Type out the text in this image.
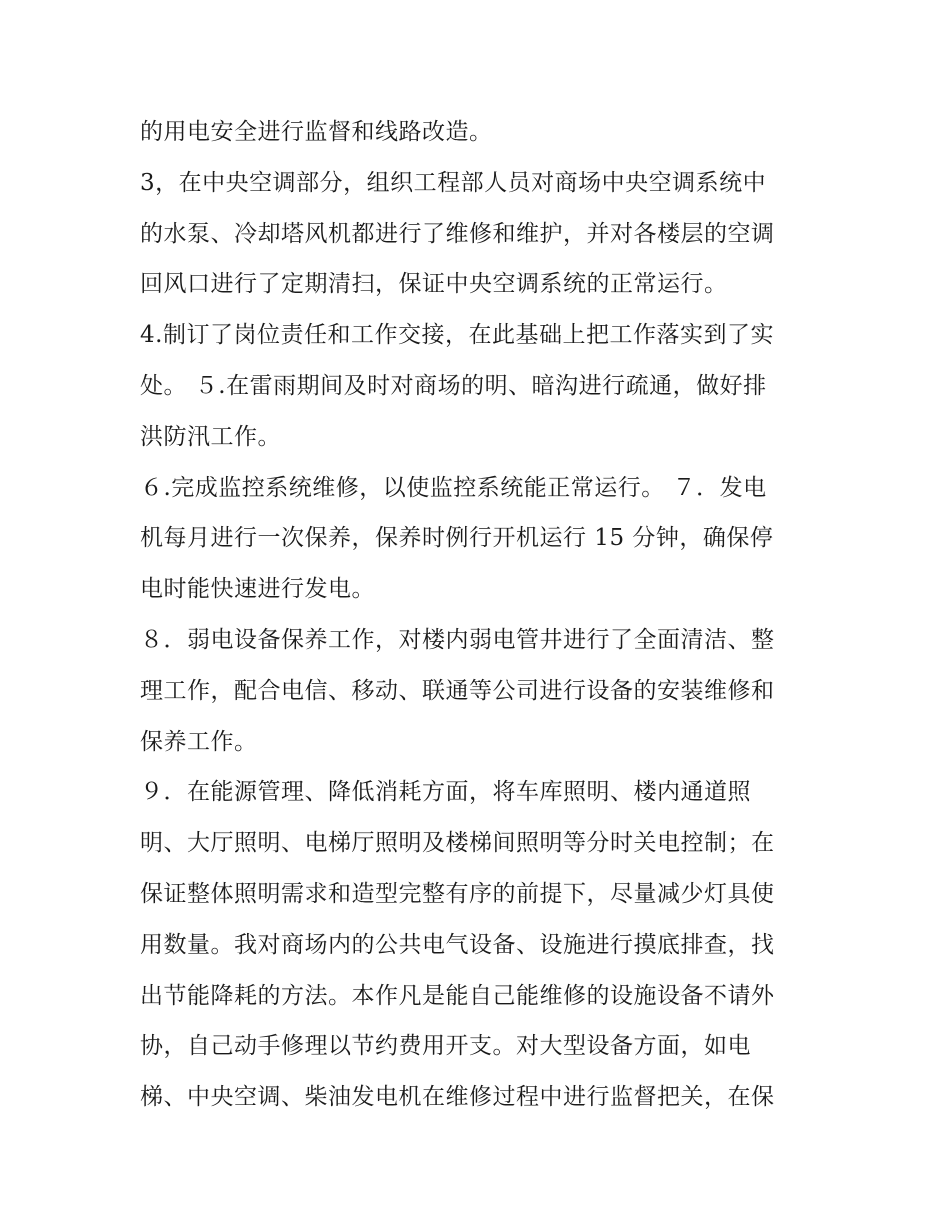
的用电安全进行监督和线路改造。
3，在中央空调部分，组织工程部人员对商场中央空调系统中
的水泵、冷却塔风机都进行了维修和维护，并对各楼层的空调
回风口进行了定期清扫，保证中央空调系统的正常运行。
4.制订了岗位责任和工作交接，在此基础上把工作落实到了实
处。 ５.在雷雨期间及时对商场的明、暗沟进行疏通，做好排
洪防汛工作。
６.完成监控系统维修，以使监控系统能正常运行。 ７．发电
机每月进行一次保养，保养时例行开机运行 15 分钟，确保停
电时能快速进行发电。
８．弱电设备保养工作，对楼内弱电管井进行了全面清洁、整
理工作，配合电信、移动、联通等公司进行设备的安装维修和
保养工作。
９．在能源管理、降低消耗方面，将车库照明、楼内通道照
明、大厅照明、电梯厅照明及楼梯间照明等分时关电控制；在
保证整体照明需求和造型完整有序的前提下，尽量减少灯具使
用数量。我对商场内的公共电气设备、设施进行摸底排查，找
出节能降耗的方法。本作凡是能自己能维修的设施设备不请外
协，自己动手修理以节约费用开支。对大型设备方面，如电
梯、中央空调、柴油发电机在维修过程中进行监督把关，在保
